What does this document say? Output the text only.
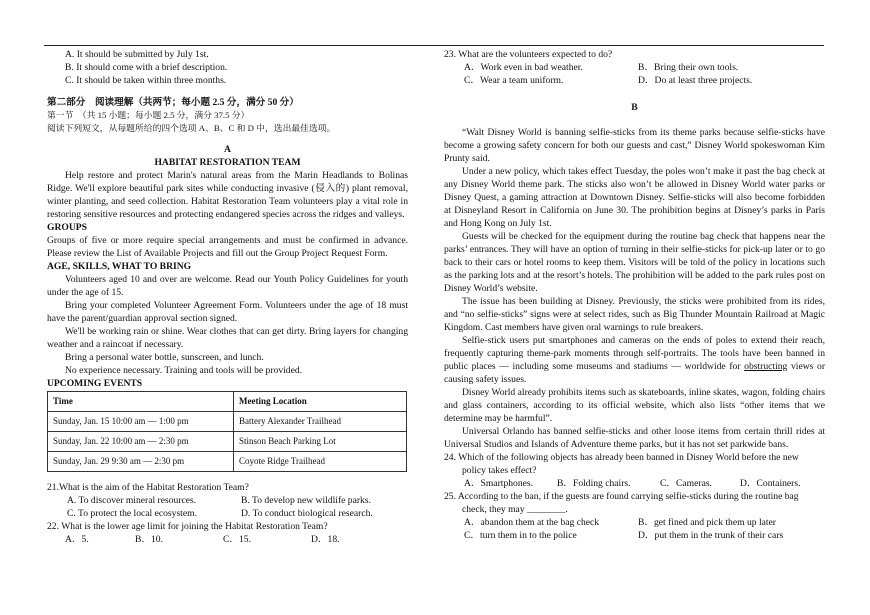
A. It should be submitted by July 1st.

B. It should come with a brief description.

C. It should be taken within three months.

第二部分　阅读理解（共两节；每小题 2.5 分，满分 50 分）

第一节　（共 15 小题；每小题 2.5 分，满分 37.5 分）

阅读下列短文，从每题所给的四个选项 A、B、C 和 D 中，选出最佳选项。

A

HABITAT RESTORATION TEAM

Help restore and protect Marin's natural areas from the Marin Headlands to Bolinas Ridge. We'll explore beautiful park sites while conducting invasive (侵入的) plant removal, winter planting, and seed collection. Habitat Restoration Team volunteers play a vital role in restoring sensitive resources and protecting endangered species across the ridges and valleys.

GROUPS

Groups of five or more require special arrangements and must be confirmed in advance. Please review the List of Available Projects and fill out the Group Project Request Form.

AGE, SKILLS, WHAT TO BRING

Volunteers aged 10 and over are welcome. Read our Youth Policy Guidelines for youth under the age of 15.

Bring your completed Volunteer Agreement Form. Volunteers under the age of 18 must have the parent/guardian approval section signed.

We'll be working rain or shine. Wear clothes that can get dirty. Bring layers for changing weather and a raincoat if necessary.

Bring a personal water bottle, sunscreen, and lunch.

No experience necessary. Training and tools will be provided.

UPCOMING EVENTS

Time	Meeting Location
Sunday, Jan. 15 10:00 am — 1:00 pm	Battery Alexander Trailhead
Sunday, Jan. 22 10:00 am — 2:30 pm	Stinson Beach Parking Lot
Sunday, Jan. 29 9:30 am — 2:30 pm	Coyote Ridge Trailhead

21.What is the aim of the Habitat Restoration Team?

A. To discover mineral resources.	B. To develop new wildlife parks.
C. To protect the local ecosystem.	D. To conduct biological research.

22. What is the lower age limit for joining the Habitat Restoration Team?

A．5.	B．10.	C．15.	D．18.

23. What are the volunteers expected to do?

A．Work even in bad weather.	B．Bring their own tools.
C．Wear a team uniform.	D．Do at least three projects.

B

“Walt Disney World is banning selfie-sticks from its theme parks because selfie-sticks have become a growing safety concern for both our guests and cast,” Disney World spokeswoman Kim Prunty said.

Under a new policy, which takes effect Tuesday, the poles won’t make it past the bag check at any Disney World theme park. The sticks also won’t be allowed in Disney World water parks or Disney Quest, a gaming attraction at Downtown Disney. Selfie-sticks will also become forbidden at Disneyland Resort in California on June 30. The prohibition begins at Disney’s parks in Paris and Hong Kong on July 1st.

Guests will be checked for the equipment during the routine bag check that happens near the parks’ entrances. They will have an option of turning in their selfie-sticks for pick-up later or to go back to their cars or hotel rooms to keep them. Visitors will be told of the policy in locations such as the parking lots and at the resort’s hotels. The prohibition will be added to the park rules post on Disney World’s website.

The issue has been building at Disney. Previously, the sticks were prohibited from its rides, and “no selfie-sticks” signs were at select rides, such as Big Thunder Mountain Railroad at Magic Kingdom. Cast members have given oral warnings to rule breakers.

Selfie-stick users put smartphones and cameras on the ends of poles to extend their reach, frequently capturing theme-park moments through self-portraits. The tools have been banned in public places — including some museums and stadiums — worldwide for obstructing views or causing safety issues.

Disney World already prohibits items such as skateboards, inline skates, wagon, folding chairs and glass containers, according to its official website, which also lists “other items that we determine may be harmful”.

Universal Orlando has banned selfie-sticks and other loose items from certain thrill rides at Universal Studios and Islands of Adventure theme parks, but it has not set parkwide bans.

24. Which of the following objects has already been banned in Disney World before the new policy takes effect?

A．Smartphones.	B．Folding chairs.	C．Cameras.	D．Containers.

25. According to the ban, if the guests are found carrying selfie-sticks during the routine bag check, they may ________.

A．abandon them at the bag check	B．get fined and pick them up later
C．turn them in to the police	D．put them in the trunk of their cars
